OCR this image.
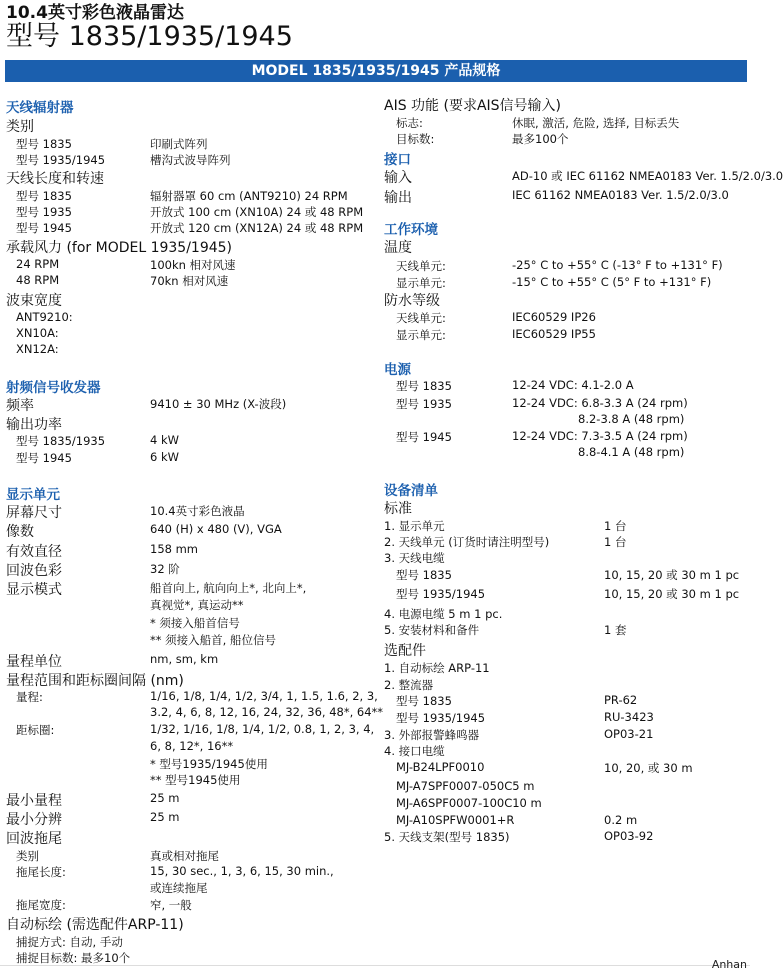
10.4英寸彩色液晶雷达
型号 1835/1935/1945
MODEL 1835/1935/1945 产品规格
天线辐射器
类别
型号 1835	印刷式阵列
型号 1935/1945	槽沟式波导阵列
天线长度和转速
型号 1835	辐射器罩 60 cm (ANT9210) 24 RPM
型号 1935	开放式 100 cm (XN10A) 24 或 48 RPM
型号 1945	开放式 120 cm (XN12A) 24 或 48 RPM
承载风力 (for MODEL 1935/1945)
24 RPM	100kn 相对风速
48 RPM	70kn 相对风速
波束宽度
ANT9210:
XN10A:
XN12A:
射频信号收发器
频率	9410 ± 30 MHz (X-波段)
输出功率
型号 1835/1935	4 kW
型号 1945	6 kW
显示单元
屏幕尺寸	10.4英寸彩色液晶
像数	640 (H) x 480 (V), VGA
有效直径	158 mm
回波色彩	32 阶
显示模式	船首向上, 航向向上*, 北向上*,
真视觉*, 真运动**
* 须接入船首信号
** 须接入船首, 船位信号
量程单位	nm, sm, km
量程范围和距标圈间隔 (nm)
量程:	1/16, 1/8, 1/4, 1/2, 3/4, 1, 1.5, 1.6, 2, 3,
3.2, 4, 6, 8, 12, 16, 24, 32, 36, 48*, 64**
距标圈:	1/32, 1/16, 1/8, 1/4, 1/2, 0.8, 1, 2, 3, 4,
6, 8, 12*, 16**
* 型号1935/1945使用
** 型号1945使用
最小量程	25 m
最小分辨	25 m
回波拖尾
类别	真或相对拖尾
拖尾长度:	15, 30 sec., 1, 3, 6, 15, 30 min.,
或连续拖尾
拖尾宽度:	窄, 一般
自动标绘 (需选配件ARP-11)
捕捉方式: 自动, 手动
捕捉目标数: 最多10个
AIS 功能 (要求AIS信号输入)
标志:	休眠, 激活, 危险, 选择, 目标丢失
目标数:	最多100个
接口
输入	AD-10 或 IEC 61162 NMEA0183 Ver. 1.5/2.0/3.0
输出	IEC 61162 NMEA0183 Ver. 1.5/2.0/3.0
工作环境
温度
天线单元:	-25° C to +55° C (-13° F to +131° F)
显示单元:	-15° C to +55° C (5° F to +131° F)
防水等级
天线单元:	IEC60529 IP26
显示单元:	IEC60529 IP55
电源
型号 1835	12-24 VDC: 4.1-2.0 A
型号 1935	12-24 VDC: 6.8-3.3 A (24 rpm)
8.2-3.8 A (48 rpm)
型号 1945	12-24 VDC: 7.3-3.5 A (24 rpm)
8.8-4.1 A (48 rpm)
设备清单
标准
1. 显示单元	1 台
2. 天线单元 (订货时请注明型号)	1 台
3. 天线电缆
型号 1835	10, 15, 20 或 30 m 1 pc
型号 1935/1945	10, 15, 20 或 30 m 1 pc
4. 电源电缆 5 m 1 pc.
5. 安装材料和备件	1 套
选配件
1. 自动标绘 ARP-11
2. 整流器
型号 1835	PR-62
型号 1935/1945	RU-3423
3. 外部报警蜂鸣器	OP03-21
4. 接口电缆
MJ-B24LPF0010	10, 20, 或 30 m
MJ-A7SPF0007-050C5 m
MJ-A6SPF0007-100C10 m
MJ-A10SPFW0001+R	0.2 m
5. 天线支架(型号 1835)	OP03-92
Anhan
